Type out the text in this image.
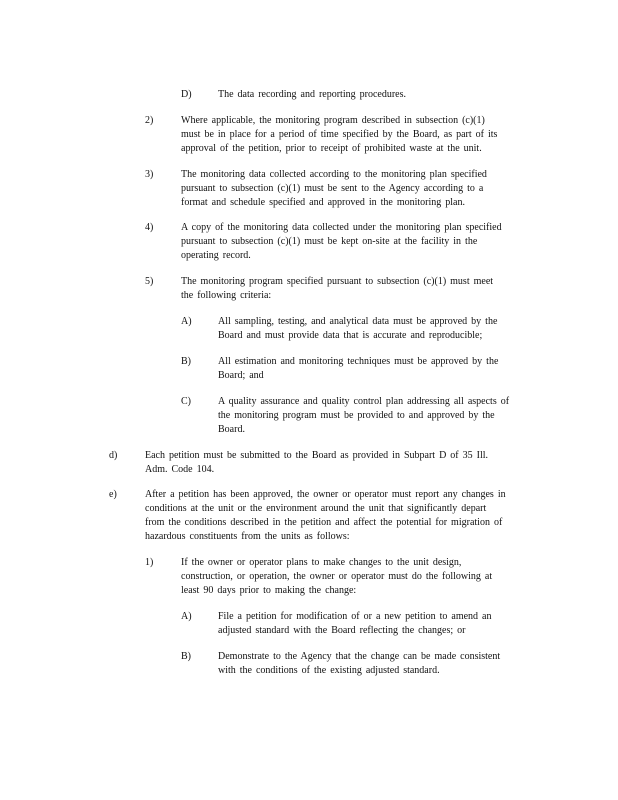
D)	The data recording and reporting procedures.
2)	Where applicable, the monitoring program described in subsection (c)(1)
must be in place for a period of time specified by the Board, as part of its
approval of the petition, prior to receipt of prohibited waste at the unit.
3)	The monitoring data collected according to the monitoring plan specified
pursuant to subsection (c)(1) must be sent to the Agency according to a
format and schedule specified and approved in the monitoring plan.
4)	A copy of the monitoring data collected under the monitoring plan specified
pursuant to subsection (c)(1) must be kept on-site at the facility in the
operating record.
5)	The monitoring program specified pursuant to subsection (c)(1) must meet
the following criteria:
A)	All sampling, testing, and analytical data must be approved by the
Board and must provide data that is accurate and reproducible;
B)	All estimation and monitoring techniques must be approved by the
Board; and
C)	A quality assurance and quality control plan addressing all aspects of
the monitoring program must be provided to and approved by the
Board.
d)	Each petition must be submitted to the Board as provided in Subpart D of 35 Ill.
Adm. Code 104.
e)	After a petition has been approved, the owner or operator must report any changes in
conditions at the unit or the environment around the unit that significantly depart
from the conditions described in the petition and affect the potential for migration of
hazardous constituents from the units as follows:
1)	If the owner or operator plans to make changes to the unit design,
construction, or operation, the owner or operator must do the following at
least 90 days prior to making the change:
A)	File a petition for modification of or a new petition to amend an
adjusted standard with the Board reflecting the changes; or
B)	Demonstrate to the Agency that the change can be made consistent
with the conditions of the existing adjusted standard.
